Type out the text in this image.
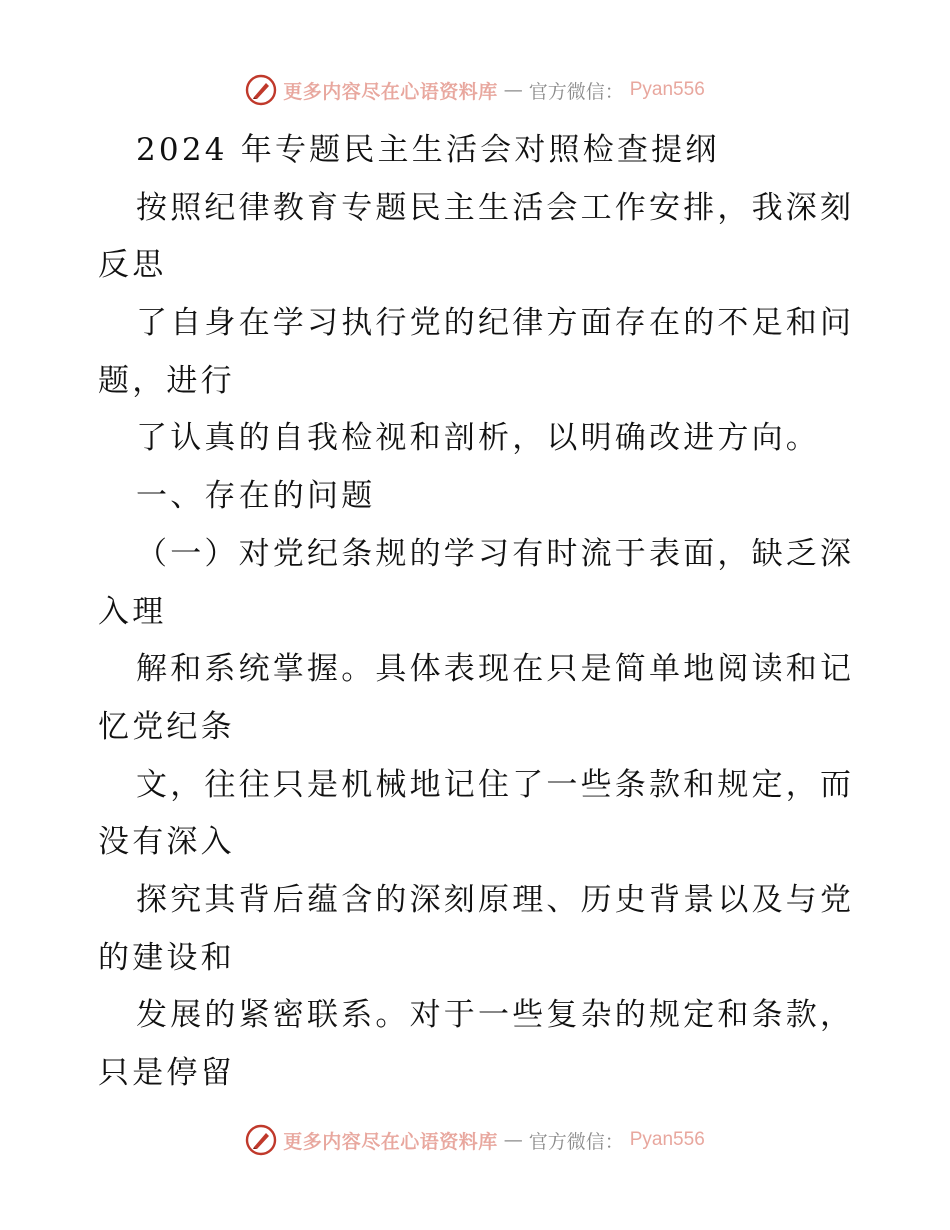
更多内容尽在心语资料库 — 官方微信： Pyan556
2024 年专题民主生活会对照检查提纲
按照纪律教育专题民主生活会工作安排，我深刻
反思
了自身在学习执行党的纪律方面存在的不足和问
题，进行
了认真的自我检视和剖析，以明确改进方向。
一、存在的问题
（一）对党纪条规的学习有时流于表面，缺乏深
入理
解和系统掌握。具体表现在只是简单地阅读和记
忆党纪条
文，往往只是机械地记住了一些条款和规定，而
没有深入
探究其背后蕴含的深刻原理、历史背景以及与党
的建设和
发展的紧密联系。对于一些复杂的规定和条款，
只是停留
更多内容尽在心语资料库 — 官方微信： Pyan556
